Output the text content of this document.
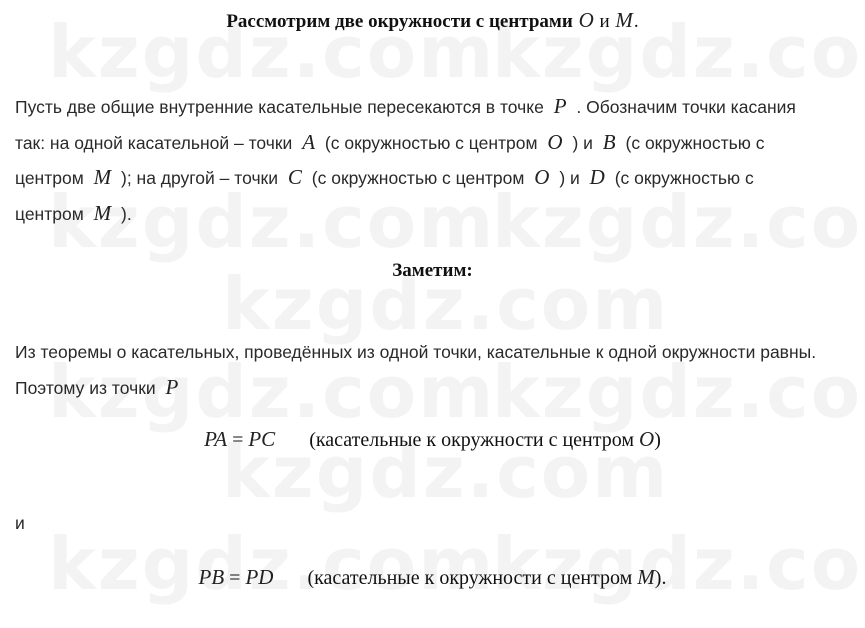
Рассмотрим две окружности с центрами O и M.
Пусть две общие внутренние касательные пересекаются в точке P . Обозначим точки касания
так: на одной касательной – точки A (с окружностью с центром O ) и B (с окружностью с
центром M ); на другой – точки C (с окружностью с центром O ) и D (с окружностью с
центром M ).
Заметим:
Из теоремы о касательных, проведённых из одной точки, касательные к одной окружности равны.
Поэтому из точки P
PA = PC (касательные к окружности с центром O)
и
PB = PD (касательные к окружности с центром M).
